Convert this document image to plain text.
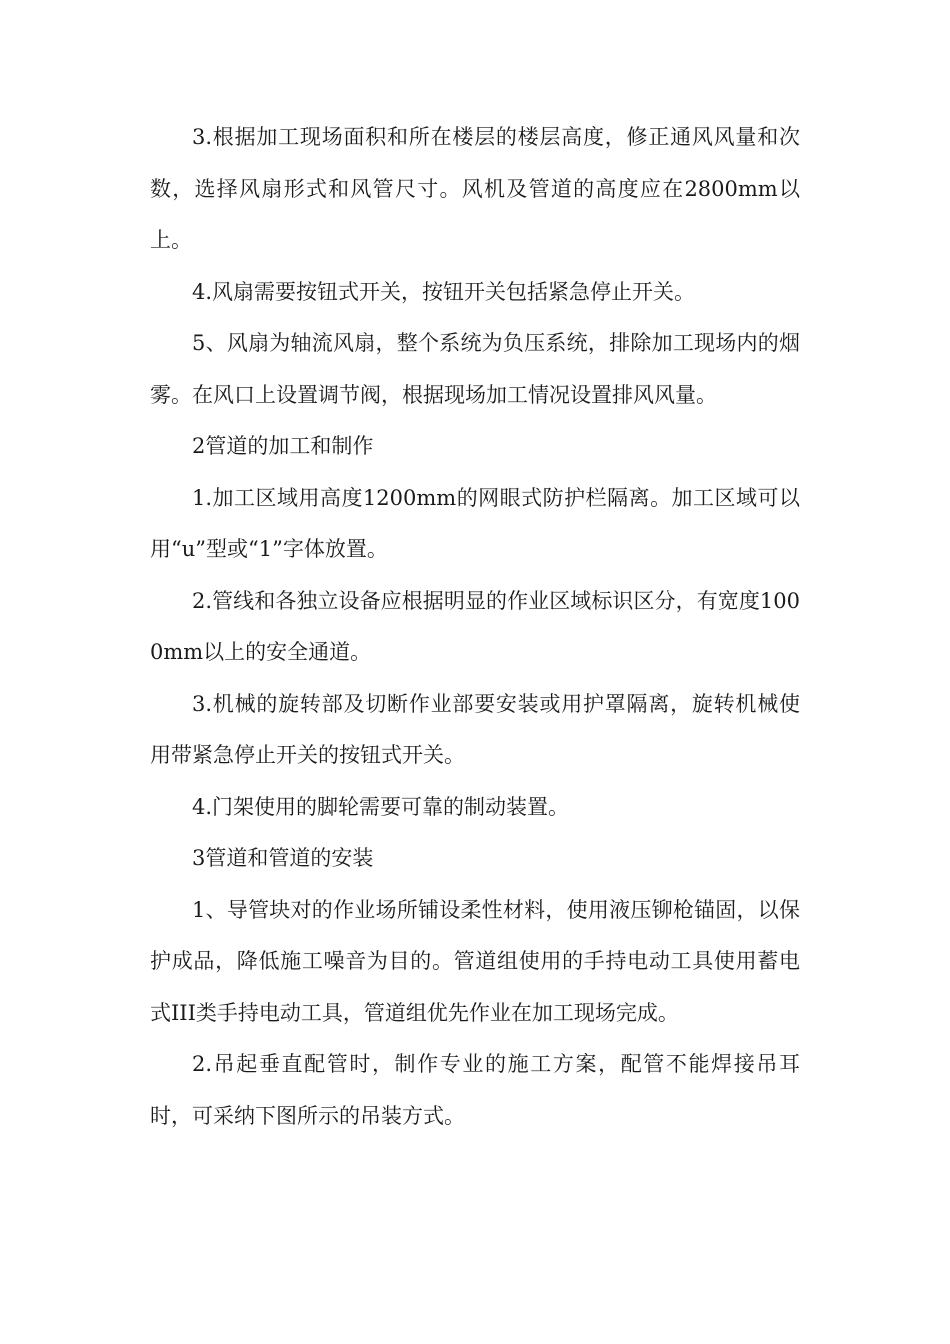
3.根据加工现场面积和所在楼层的楼层高度，修正通风风量和次数，选择风扇形式和风管尺寸。风机及管道的高度应在2800mm以上。

4.风扇需要按钮式开关，按钮开关包括紧急停止开关。

5、风扇为轴流风扇，整个系统为负压系统，排除加工现场内的烟雾。在风口上设置调节阀，根据现场加工情况设置排风风量。

2管道的加工和制作

1.加工区域用高度1200mm的网眼式防护栏隔离。加工区域可以用“u”型或“1”字体放置。

2.管线和各独立设备应根据明显的作业区域标识区分，有宽度1000mm以上的安全通道。

3.机械的旋转部及切断作业部要安装或用护罩隔离，旋转机械使用带紧急停止开关的按钮式开关。

4.门架使用的脚轮需要可靠的制动装置。

3管道和管道的安装

1、导管块对的作业场所铺设柔性材料，使用液压铆枪锚固，以保护成品，降低施工噪音为目的。管道组使用的手持电动工具使用蓄电式III类手持电动工具，管道组优先作业在加工现场完成。

2.吊起垂直配管时，制作专业的施工方案，配管不能焊接吊耳时，可采纳下图所示的吊装方式。
